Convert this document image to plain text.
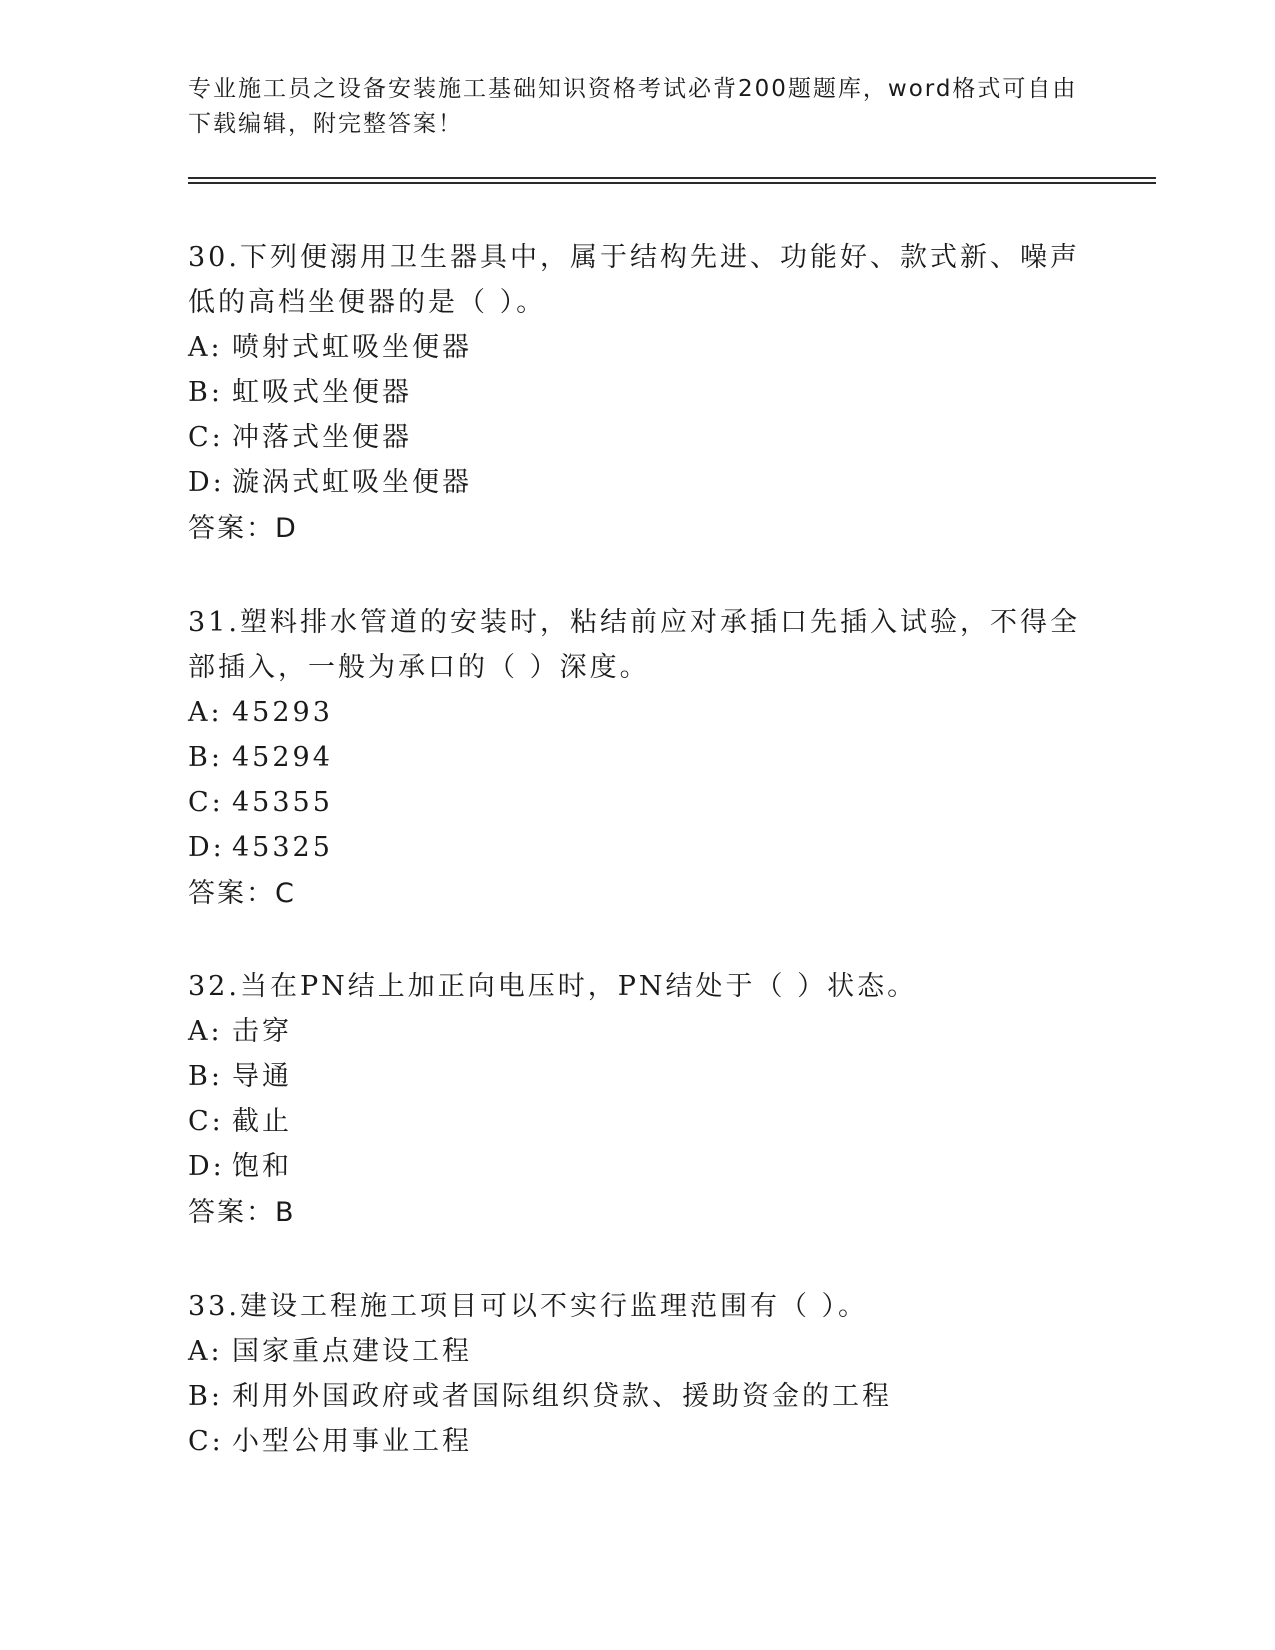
专业施工员之设备安装施工基础知识资格考试必背200题题库，word格式可自由下载编辑，附完整答案！

30.下列便溺用卫生器具中，属于结构先进、功能好、款式新、噪声低的高档坐便器的是（ ）。

A: 喷射式虹吸坐便器

B: 虹吸式坐便器

C: 冲落式坐便器

D: 漩涡式虹吸坐便器

答案：D

31.塑料排水管道的安装时，粘结前应对承插口先插入试验，不得全部插入，一般为承口的（ ）深度。

A: 45293

B: 45294

C: 45355

D: 45325

答案：C

32.当在PN结上加正向电压时，PN结处于（ ）状态。

A: 击穿

B: 导通

C: 截止

D: 饱和

答案：B

33.建设工程施工项目可以不实行监理范围有（ ）。

A: 国家重点建设工程

B: 利用外国政府或者国际组织贷款、援助资金的工程

C: 小型公用事业工程
